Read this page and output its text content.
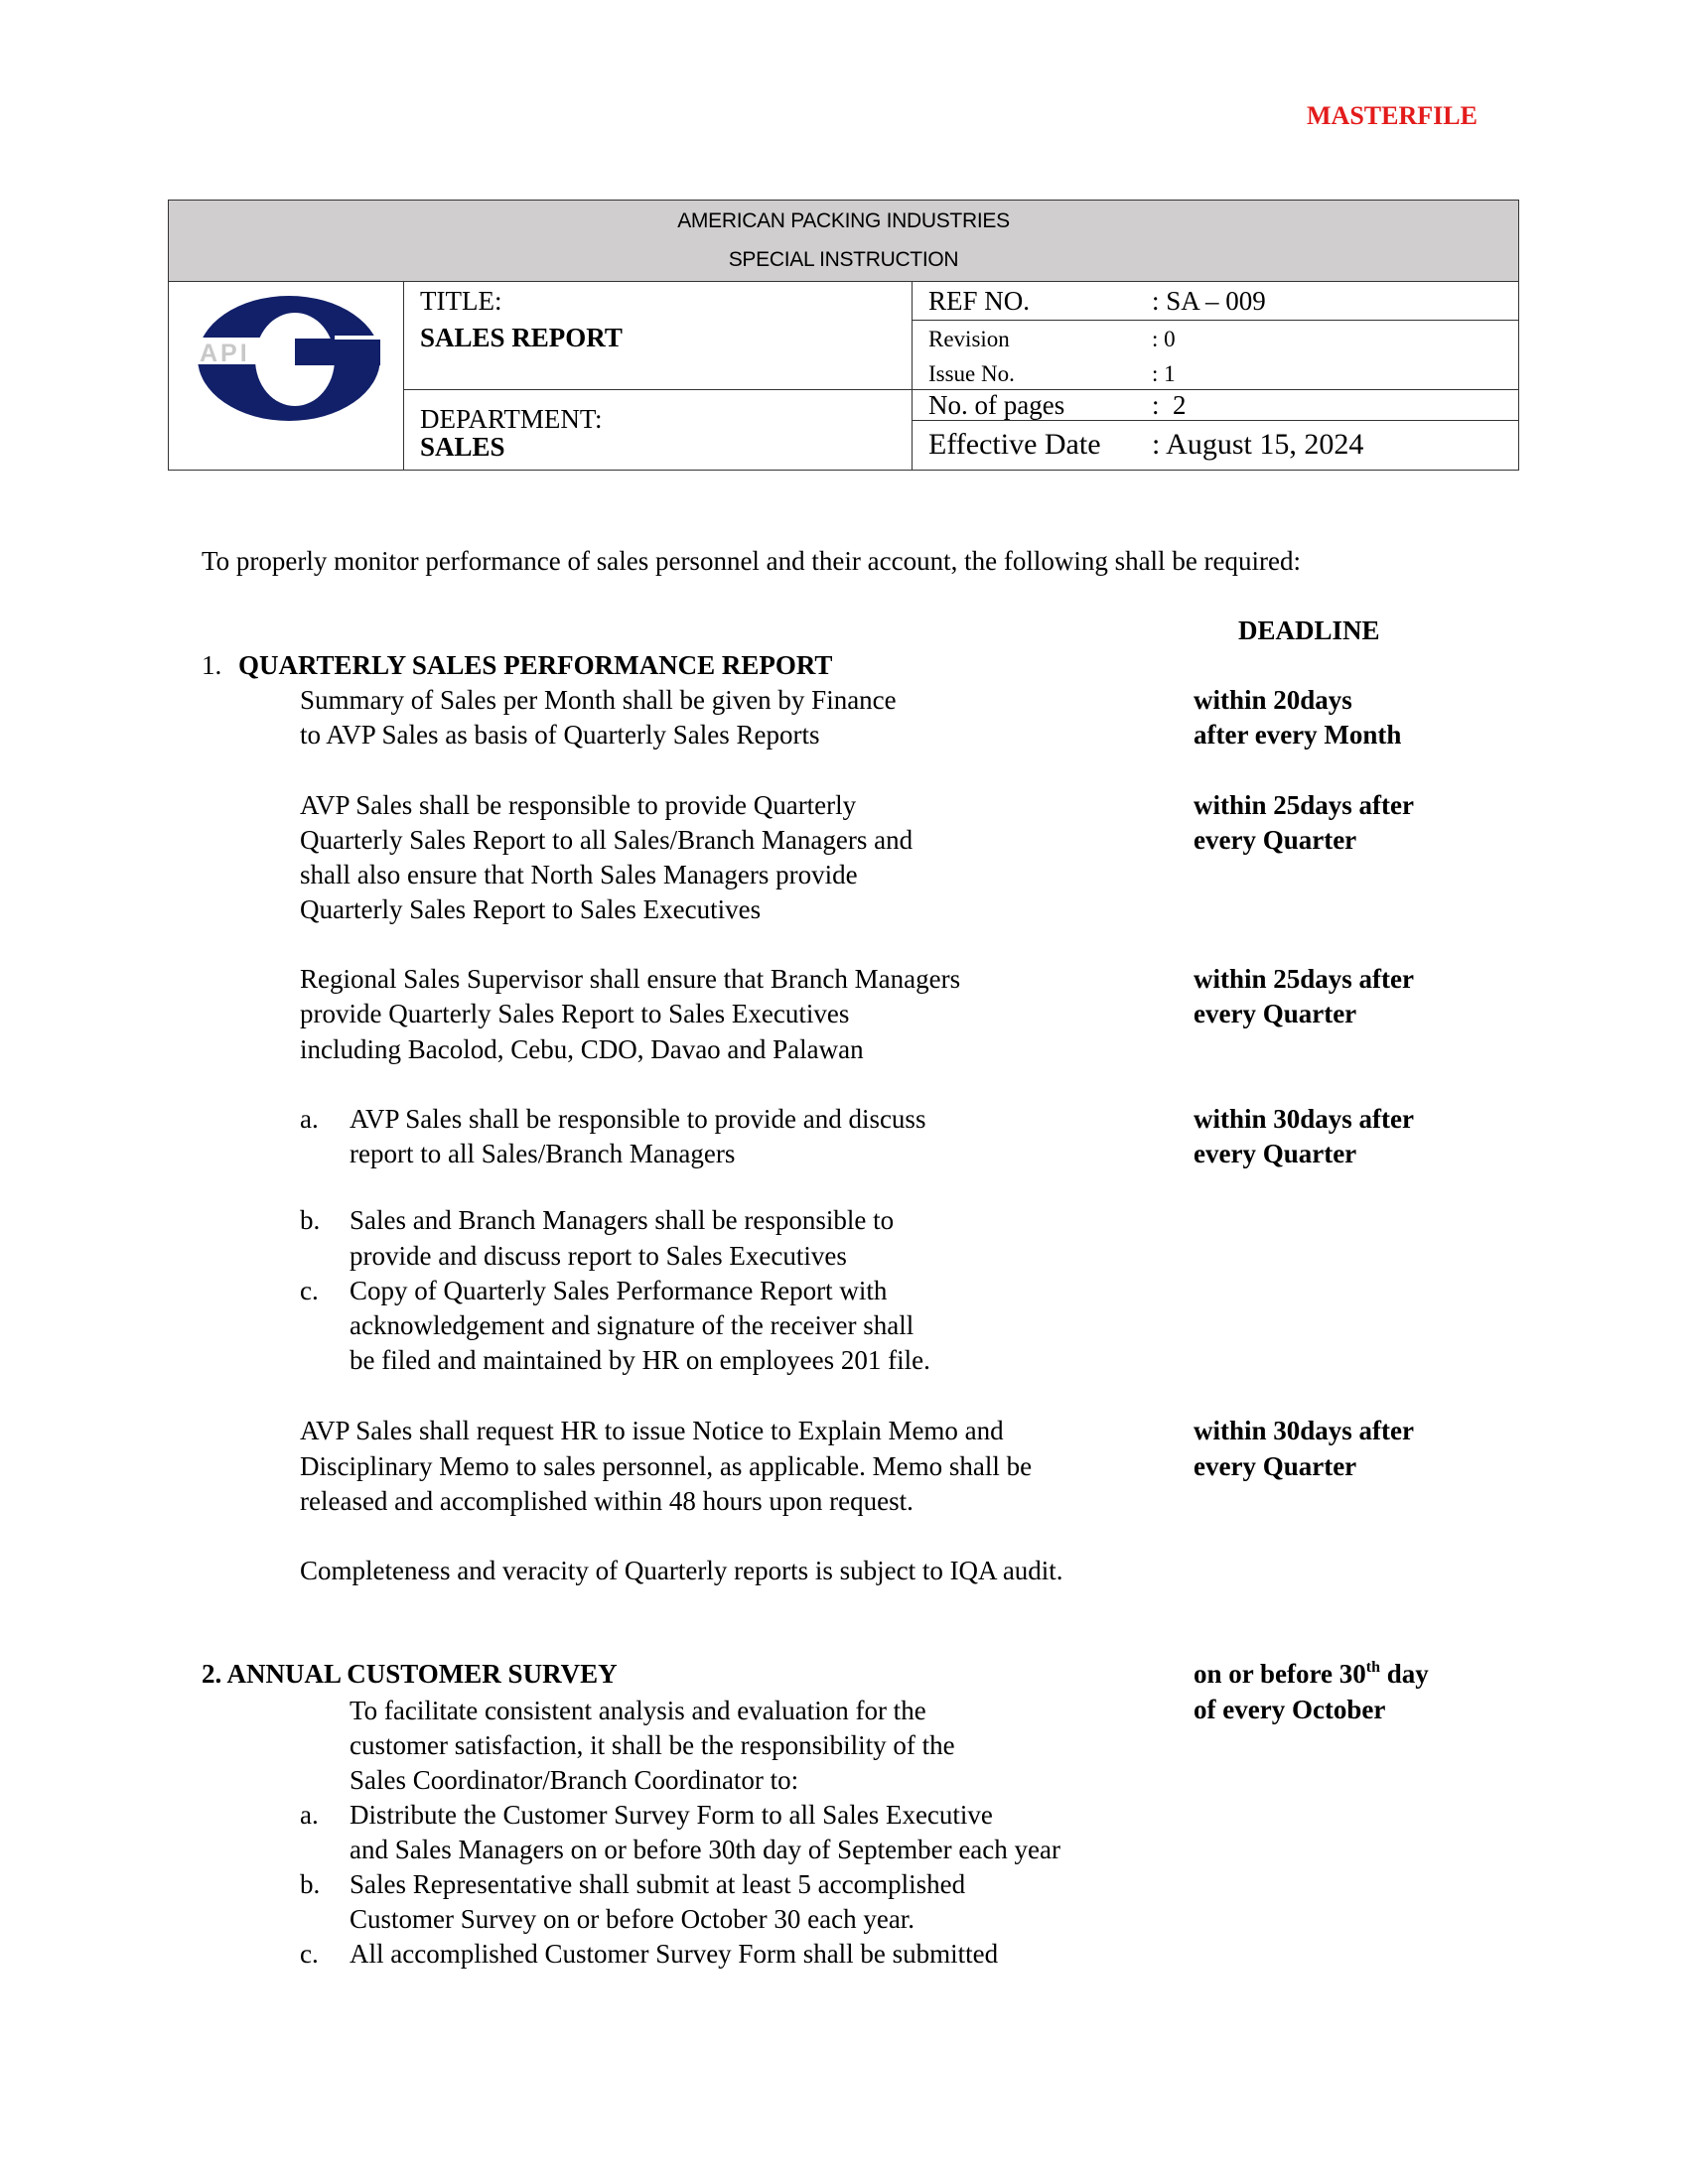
MASTERFILE
AMERICAN PACKING INDUSTRIES
SPECIAL INSTRUCTION
TITLE:
SALES REPORT
DEPARTMENT:
SALES
REF NO.	: SA – 009
Revision	: 0
Issue No.	: 1
No. of pages	:  2
Effective Date : August 15, 2024
API
To properly monitor performance of sales personnel and their account, the following shall be required:
DEADLINE
1. QUARTERLY SALES PERFORMANCE REPORT
Summary of Sales per Month shall be given by Finance
to AVP Sales as basis of Quarterly Sales Reports
within 20days
after every Month
AVP Sales shall be responsible to provide Quarterly
Quarterly Sales Report to all Sales/Branch Managers and
shall also ensure that North Sales Managers provide
Quarterly Sales Report to Sales Executives
within 25days after
every Quarter
Regional Sales Supervisor shall ensure that Branch Managers
provide Quarterly Sales Report to Sales Executives
including Bacolod, Cebu, CDO, Davao and Palawan
within 25days after
every Quarter
a. AVP Sales shall be responsible to provide and discuss
report to all Sales/Branch Managers
within 30days after
every Quarter
b. Sales and Branch Managers shall be responsible to
provide and discuss report to Sales Executives
c. Copy of Quarterly Sales Performance Report with
acknowledgement and signature of the receiver shall
be filed and maintained by HR on employees 201 file.
AVP Sales shall request HR to issue Notice to Explain Memo and
Disciplinary Memo to sales personnel, as applicable. Memo shall be
released and accomplished within 48 hours upon request.
within 30days after
every Quarter
Completeness and veracity of Quarterly reports is subject to IQA audit.
2. ANNUAL CUSTOMER SURVEY	on or before 30th day
of every October
To facilitate consistent analysis and evaluation for the
customer satisfaction, it shall be the responsibility of the
Sales Coordinator/Branch Coordinator to:
a. Distribute the Customer Survey Form to all Sales Executive
and Sales Managers on or before 30th day of September each year
b. Sales Representative shall submit at least 5 accomplished
Customer Survey on or before October 30 each year.
c. All accomplished Customer Survey Form shall be submitted
